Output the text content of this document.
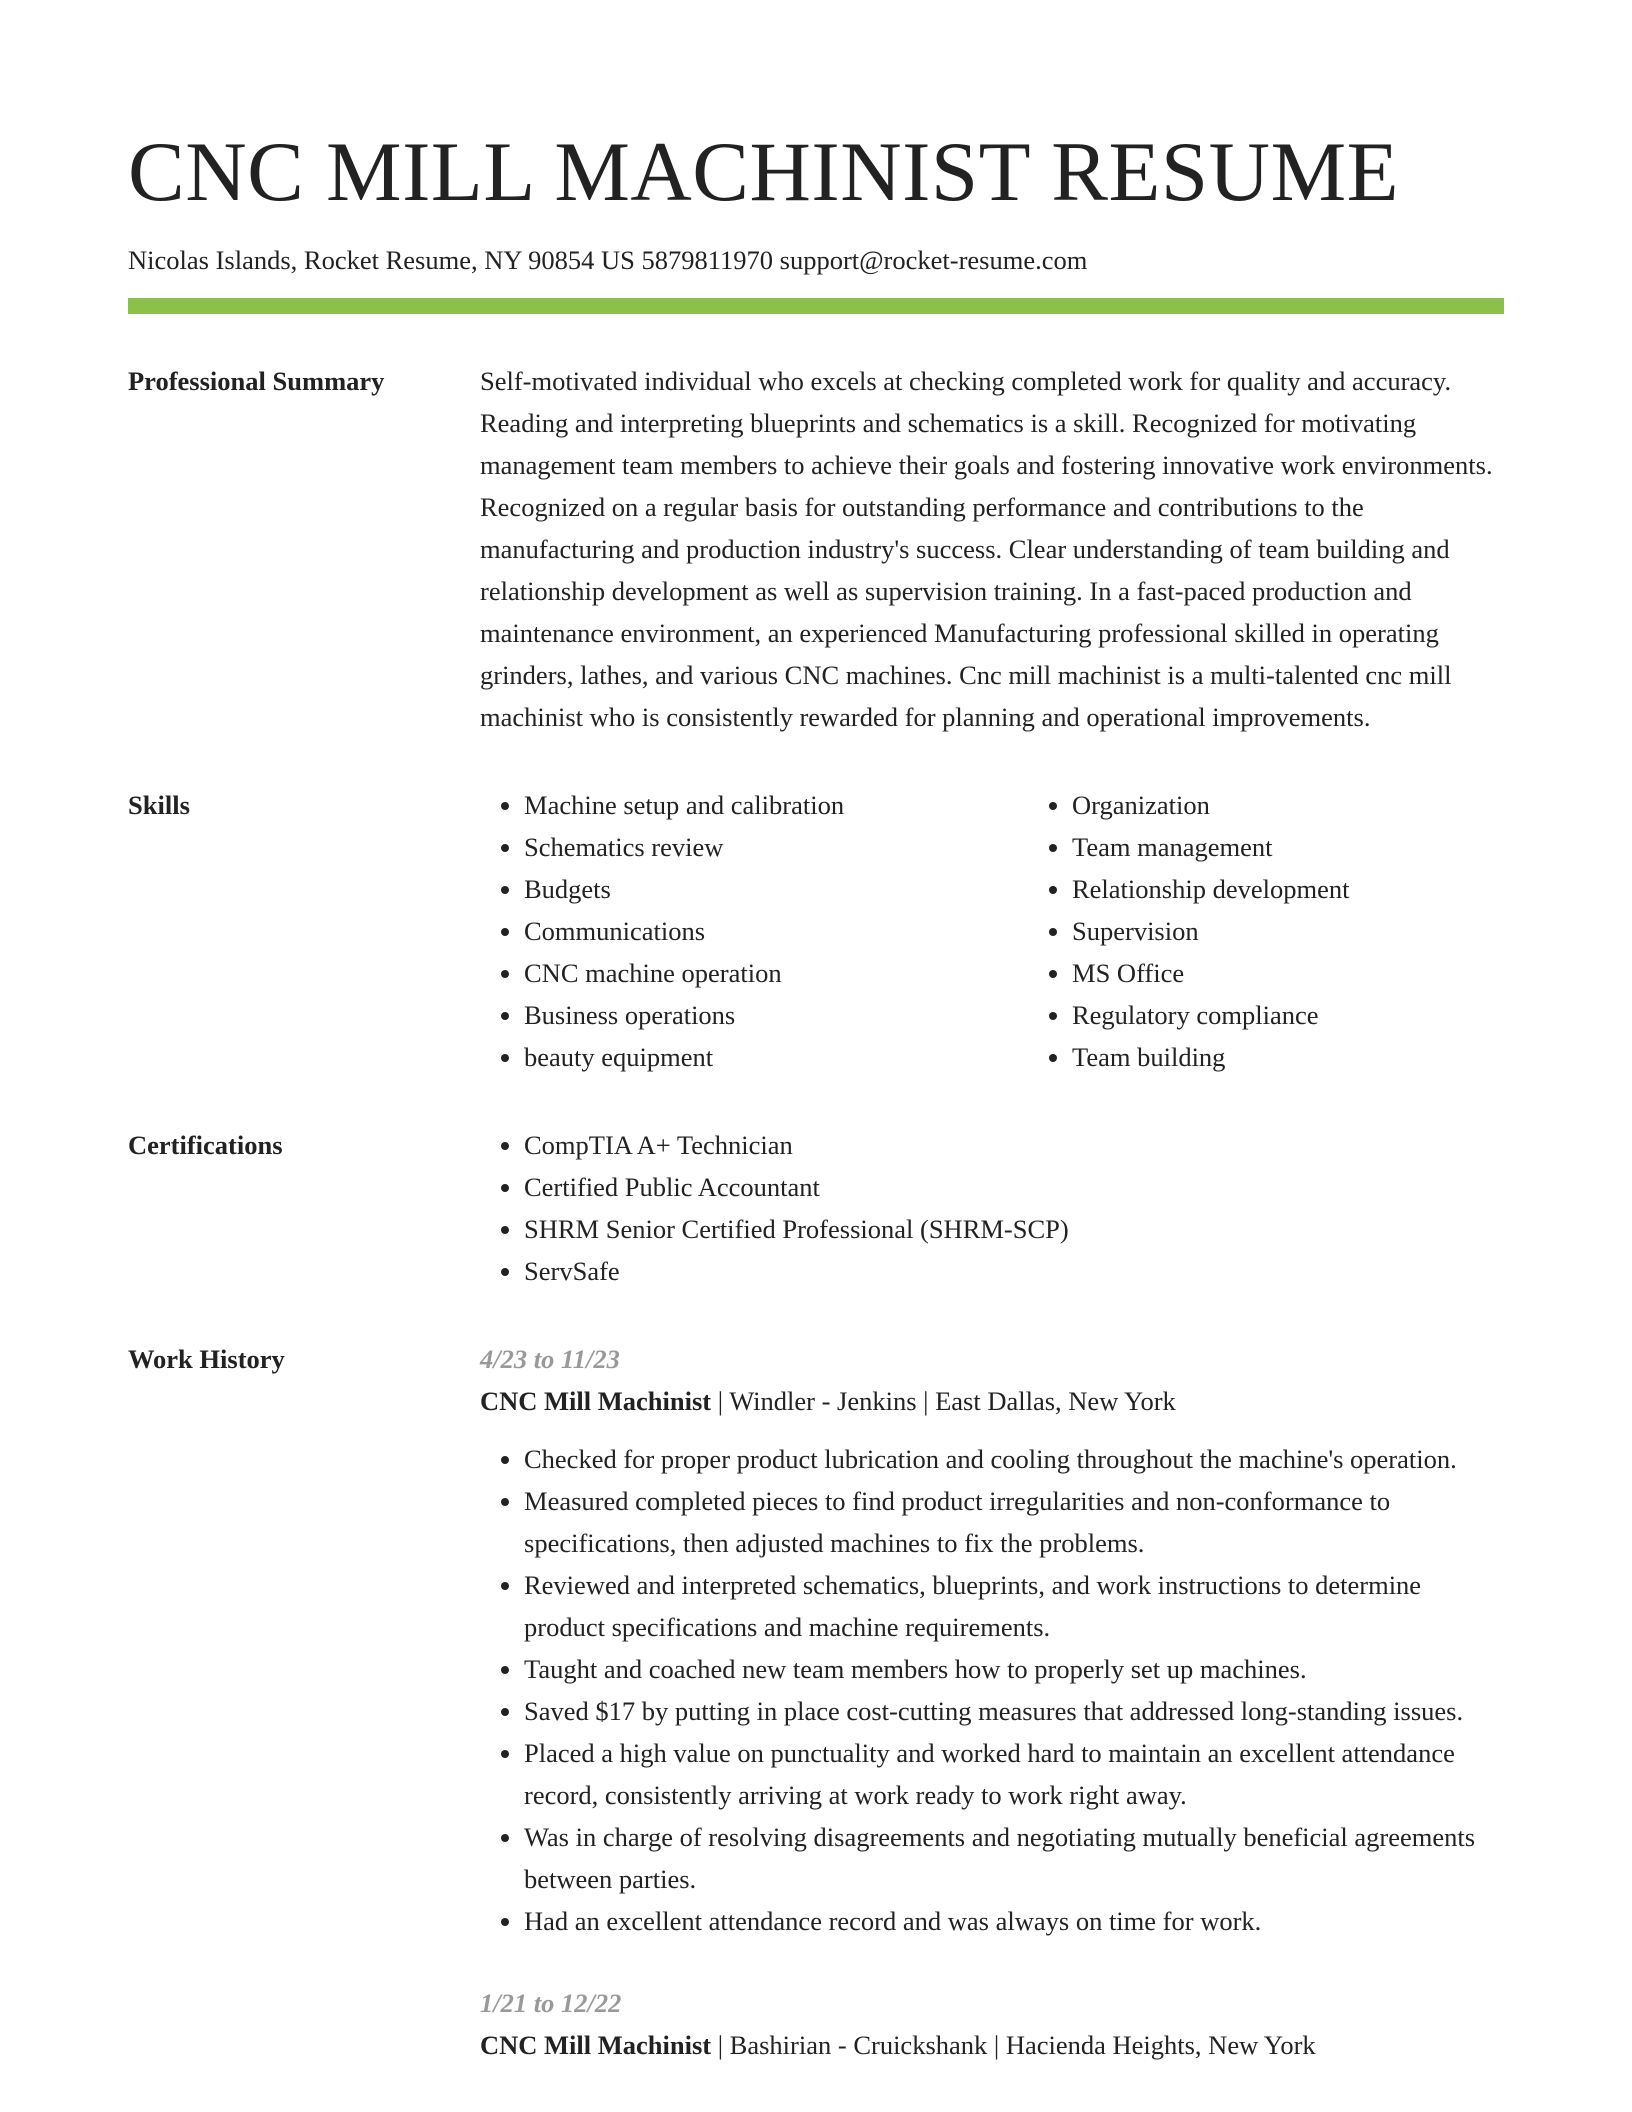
CNC MILL MACHINIST RESUME
Nicolas Islands, Rocket Resume, NY 90854 US 5879811970 support@rocket-resume.com
Professional Summary	Self-motivated individual who excels at checking completed work for quality and accuracy. Reading and interpreting blueprints and schematics is a skill. Recognized for motivating management team members to achieve their goals and fostering innovative work environments. Recognized on a regular basis for outstanding performance and contributions to the manufacturing and production industry's success. Clear understanding of team building and relationship development as well as supervision training. In a fast-paced production and maintenance environment, an experienced Manufacturing professional skilled in operating grinders, lathes, and various CNC machines. Cnc mill machinist is a multi-talented cnc mill machinist who is consistently rewarded for planning and operational improvements.

Skills	• Machine setup and calibration
• Schematics review
• Budgets
• Communications
• CNC machine operation
• Business operations
• beauty equipment
• Organization
• Team management
• Relationship development
• Supervision
• MS Office
• Regulatory compliance
• Team building
Certifications	• CompTIA A+ Technician
• Certified Public Accountant
• SHRM Senior Certified Professional (SHRM-SCP)
• ServSafe
Work History	4/23 to 11/23
CNC Mill Machinist | Windler - Jenkins | East Dallas, New York
• Checked for proper product lubrication and cooling throughout the machine's operation.
• Measured completed pieces to find product irregularities and non-conformance to specifications, then adjusted machines to fix the problems.
• Reviewed and interpreted schematics, blueprints, and work instructions to determine product specifications and machine requirements.
• Taught and coached new team members how to properly set up machines.
• Saved $17 by putting in place cost-cutting measures that addressed long-standing issues.
• Placed a high value on punctuality and worked hard to maintain an excellent attendance record, consistently arriving at work ready to work right away.
• Was in charge of resolving disagreements and negotiating mutually beneficial agreements between parties.
• Had an excellent attendance record and was always on time for work.
1/21 to 12/22
CNC Mill Machinist | Bashirian - Cruickshank | Hacienda Heights, New York
